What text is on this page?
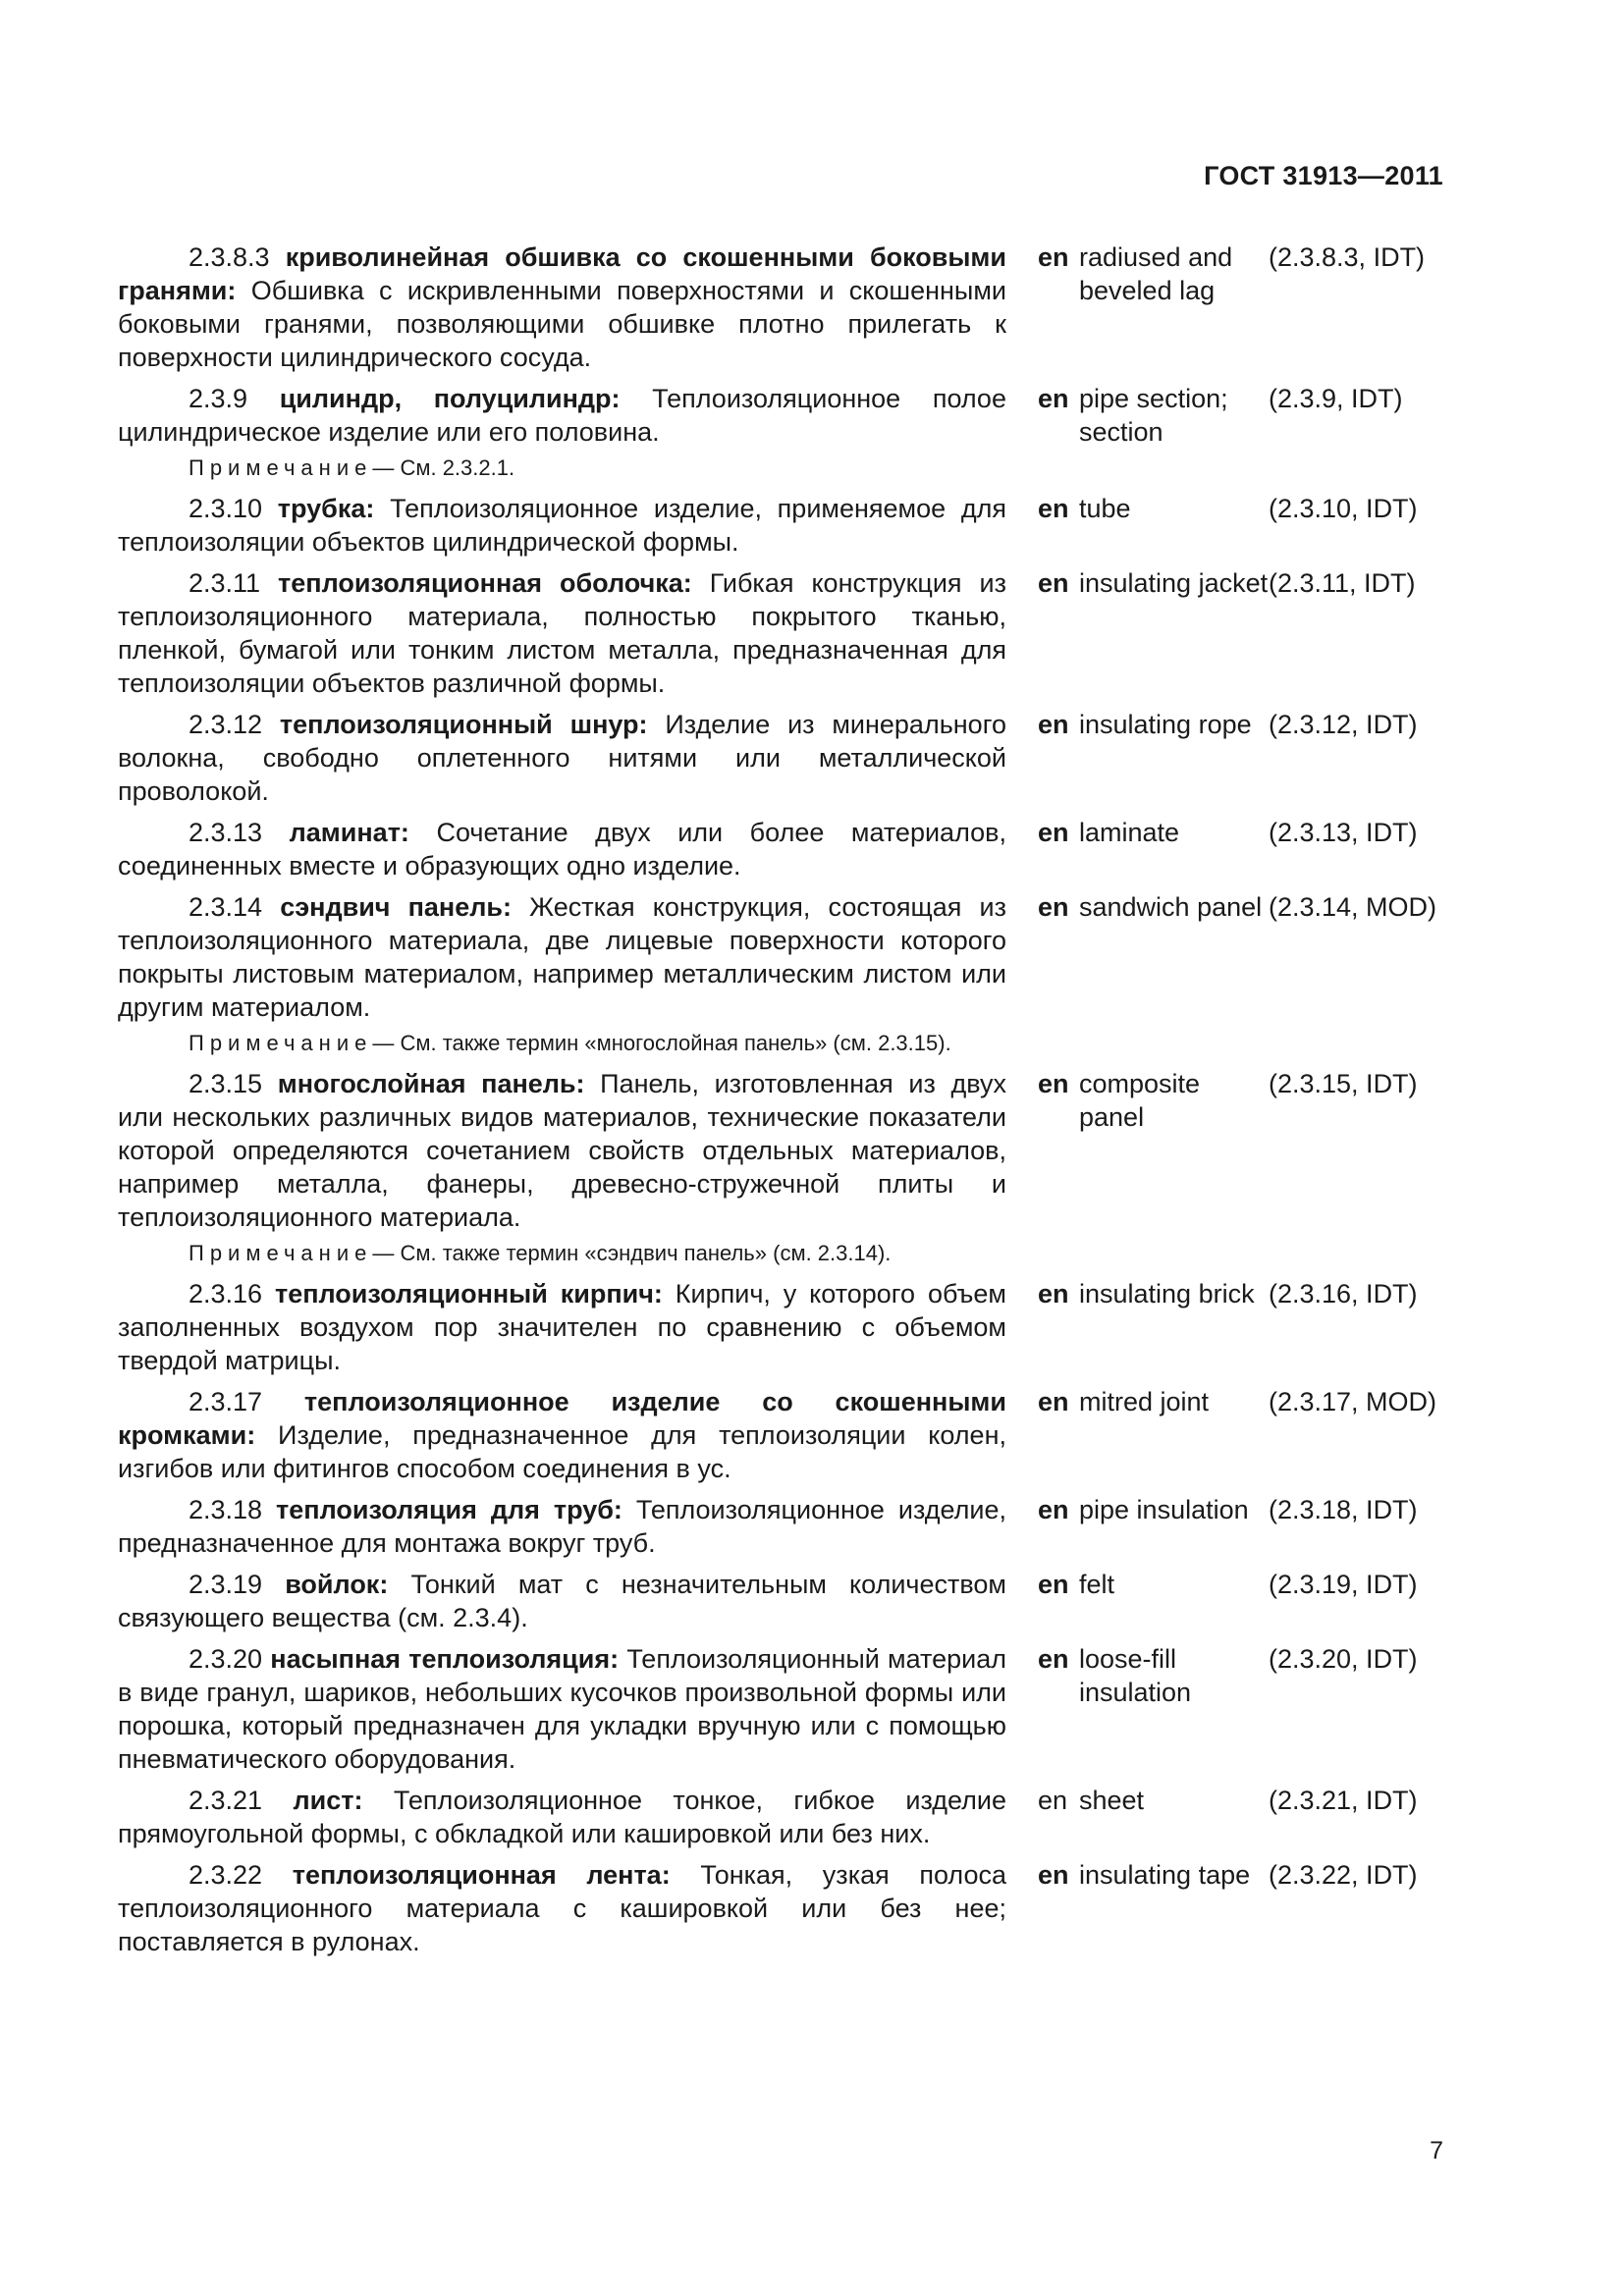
ГОСТ 31913—2011

2.3.8.3 криволинейная обшивка со скошенными боковыми гранями: Обшивка с искривленными поверхностями и скошенными боковыми гранями, позволяющими обшивке плотно прилегать к поверхности цилиндрического сосуда.

en radiused and beveled lag
(2.3.8.3, IDT)

2.3.9 цилиндр, полуцилиндр: Теплоизоляционное полое цилиндрическое изделие или его половина.

Примечание— См. 2.3.2.1.

en pipe section; section
(2.3.9, IDT)

2.3.10 трубка: Теплоизоляционное изделие, применяемое для теплоизоляции объектов цилиндрической формы.

en tube	(2.3.10, IDT)

2.3.11 теплоизоляционная оболочка: Гибкая конструкция из теплоизоляционного материала, полностью покрытого тканью, пленкой, бумагой или тонким листом металла, предназначенная для теплоизоляции объектов различной формы.

en insulating jacket (2.3.11, IDT)

2.3.12 теплоизоляционный шнур: Изделие из минерального волокна, свободно оплетенного нитями или металлической проволокой.

en insulating rope (2.3.12, IDT)

2.3.13 ламинат: Сочетание двух или более материалов, соединенных вместе и образующих одно изделие.

en laminate	(2.3.13, IDT)

2.3.14 сэндвич панель: Жесткая конструкция, состоящая из теплоизоляционного материала, две лицевые поверхности которого покрыты листовым материалом, например металлическим листом или другим материалом.

Примечание— См. также термин «многослойная панель» (см. 2.3.15).

en sandwich panel (2.3.14, MOD)

2.3.15 многослойная панель: Панель, изготовленная из двух или нескольких различных видов материалов, технические показатели которой определяются сочетанием свойств отдельных материалов, например металла, фанеры, древесно-стружечной плиты и теплоизоляционного материала.

Примечание— См. также термин «сэндвич панель» (см. 2.3.14).

en composite panel
(2.3.15, IDT)

2.3.16 теплоизоляционный кирпич: Кирпич, у которого объем заполненных воздухом пор значителен по сравнению с объемом твердой матрицы.

en insulating brick (2.3.16, IDT)

2.3.17 теплоизоляционное изделие со скошенными кромками: Изделие, предназначенное для теплоизоляции колен, изгибов или фитингов способом соединения в ус.

en mitred joint	(2.3.17, MOD)

2.3.18 теплоизоляция для труб: Теплоизоляционное изделие, предназначенное для монтажа вокруг труб.

en pipe insulation (2.3.18, IDT)

2.3.19 войлок: Тонкий мат с незначительным количеством связующего вещества (см. 2.3.4).

en felt	(2.3.19, IDT)

2.3.20 насыпная теплоизоляция: Теплоизоляционный материал в виде гранул, шариков, небольших кусочков произвольной формы или порошка, который предназначен для укладки вручную или с помощью пневматического оборудования.

en loose-fill insulation
(2.3.20, IDT)

2.3.21 лист: Теплоизоляционное тонкое, гибкое изделие прямоугольной формы, с обкладкой или кашировкой или без них.

en sheet	(2.3.21, IDT)

2.3.22 теплоизоляционная лента: Тонкая, узкая полоса теплоизоляционного материала с кашировкой или без нее; поставляется в рулонах.

en insulating tape (2.3.22, IDT)
7
